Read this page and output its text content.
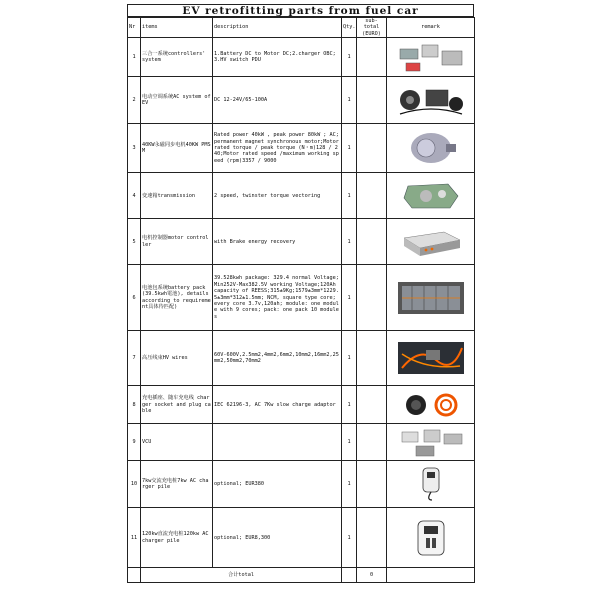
EV retrofitting parts from fuel car
Nr	items	description	Qty.	sub-total
(EURO)	remark
1	三合一系统controllers' system	1.Battery DC to Motor DC;2.charger OBC; 3.HV switch PDU	1		

2	电动空调系统AC system of EV	DC 12-24V/65-100A	1		

3	40KW永磁同步电机40KW PMSM	Rated power 40kW , peak power 80kW ; AC; permanent magnet synchronous motor;Motor rated torque / peak torque (N・m)128 / 240;Motor rated speed /maximum working speed (rpm)3357 / 9000	1		

4	变速箱transmission	2 speed, twinster torque vectoring	1		

5	电机控制器motor controller	with Brake energy recovery	1		

6	电池包系统battery pack (39.5kwh電池), details according to requirement具体待匹配)	39.528kwh package: 329.4 normal Voltage;Min252V-Max382.5V working Voltage;120Ah capacity of REESS;315±9Kg;1579±3mm*1229.5±3mm*312±1.5mm; NCM, square type core; every core 3.7v,120ah; module: one module with 9 cores; pack: one pack 10 modules	1		

7	高压线束HV wires	60V-600V,2.5mm2,4mm2,6mm2,10mm2,16mm2,25mm2,50mm2,70mm2	1		

8	充电插座、随车充电线 charger socket and plug cable	IEC 62196-3, AC 7Kw slow charge adaptor	1		

9	VCU		1		

10	7kw交流充电桩7kw AC charger pile	optional; EUR380	1		

11	120kw直流充电桩120kw AC charger pile	optional; EUR8,300	1		

	合计total			0	
